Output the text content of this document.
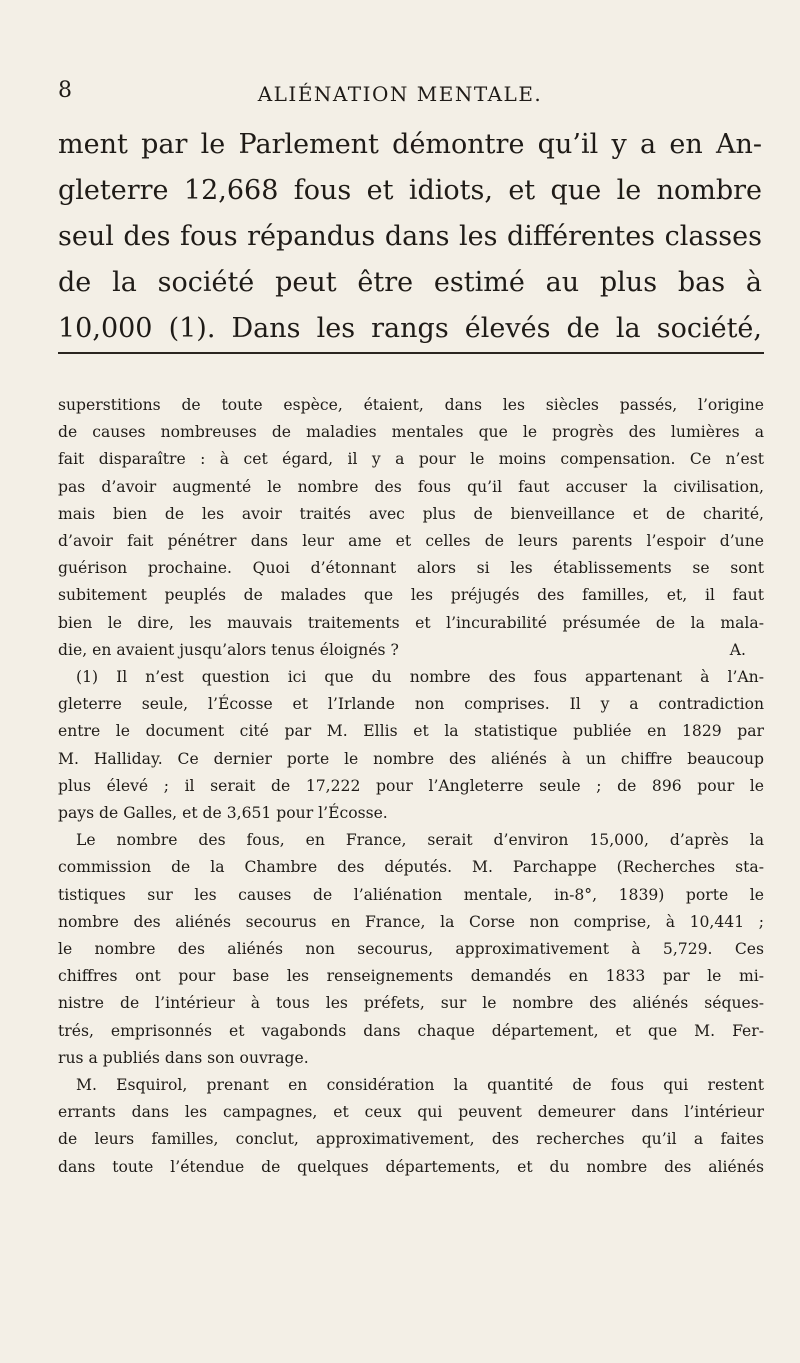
8	ALIÉNATION MENTALE.
ment par le Parlement démontre qu’il y a en An-
gleterre 12,668 fous et idiots, et que le nombre
seul des fous répandus dans les différentes classes
de la société peut être estimé au plus bas à
10,000 (1). Dans les rangs élevés de la société,
superstitions de toute espèce, étaient, dans les siècles passés, l’origine
de causes nombreuses de maladies mentales que le progrès des lumières a
fait disparaître : à cet égard, il y a pour le moins compensation. Ce n’est
pas d’avoir augmenté le nombre des fous qu’il faut accuser la civilisation,
mais bien de les avoir traités avec plus de bienveillance et de charité,
d’avoir fait pénétrer dans leur ame et celles de leurs parents l’espoir d’une
guérison prochaine. Quoi d’étonnant alors si les établissements se sont
subitement peuplés de malades que les préjugés des familles, et, il faut
bien le dire, les mauvais traitements et l’incurabilité présumée de la mala-
die, en avaient jusqu’alors tenus éloignés ?	A.
(1) Il n’est question ici que du nombre des fous appartenant à l’An-
gleterre seule, l’Écosse et l’Irlande non comprises. Il y a contradiction
entre le document cité par M. Ellis et la statistique publiée en 1829 par
M. Halliday. Ce dernier porte le nombre des aliénés à un chiffre beaucoup
plus élevé ; il serait de 17,222 pour l’Angleterre seule ; de 896 pour le
pays de Galles, et de 3,651 pour l’Écosse.
Le nombre des fous, en France, serait d’environ 15,000, d’après la
commission de la Chambre des députés. M. Parchappe (Recherches sta-
tistiques sur les causes de l’aliénation mentale, in-8°, 1839) porte le
nombre des aliénés secourus en France, la Corse non comprise, à 10,441 ;
le nombre des aliénés non secourus, approximativement à 5,729. Ces
chiffres ont pour base les renseignements demandés en 1833 par le mi-
nistre de l’intérieur à tous les préfets, sur le nombre des aliénés séques-
trés, emprisonnés et vagabonds dans chaque département, et que M. Fer-
rus a publiés dans son ouvrage.
M. Esquirol, prenant en considération la quantité de fous qui restent
errants dans les campagnes, et ceux qui peuvent demeurer dans l’intérieur
de leurs familles, conclut, approximativement, des recherches qu’il a faites
dans toute l’étendue de quelques départements, et du nombre des aliénés
